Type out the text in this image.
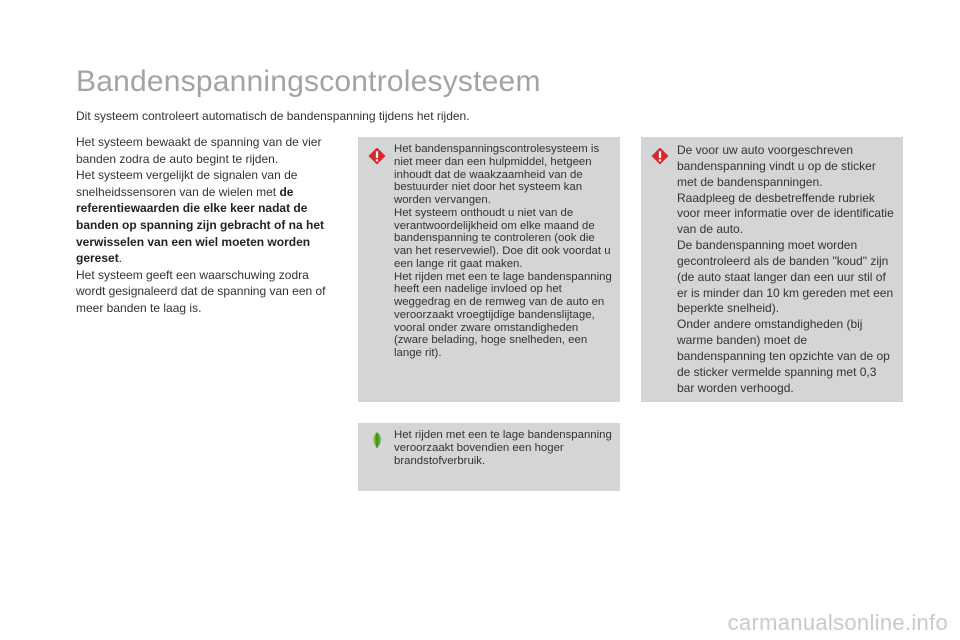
Bandenspanningscontrolesysteem
Dit systeem controleert automatisch de bandenspanning tijdens het rijden.

Het systeem bewaakt de spanning van de vier banden zodra de auto begint te rijden.

Het systeem vergelijkt de signalen van de snelheidssensoren van de wielen met de referentiewaarden die elke keer nadat de banden op spanning zijn gebracht of na het verwisselen van een wiel moeten worden gereset.

Het systeem geeft een waarschuwing zodra wordt gesignaleerd dat de spanning van een of meer banden te laag is.

Het bandenspanningscontrolesysteem is niet meer dan een hulpmiddel, hetgeen inhoudt dat de waakzaamheid van de bestuurder niet door het systeem kan worden vervangen.

Het systeem onthoudt u niet van de verantwoordelijkheid om elke maand de bandenspanning te controleren (ook die van het reservewiel). Doe dit ook voordat u een lange rit gaat maken.

Het rijden met een te lage bandenspanning heeft een nadelige invloed op het weggedrag en de remweg van de auto en veroorzaakt vroegtijdige bandenslijtage, vooral onder zware omstandigheden (zware belading, hoge snelheden, een lange rit).

Het rijden met een te lage bandenspanning veroorzaakt bovendien een hoger brandstofverbruik.

De voor uw auto voorgeschreven bandenspanning vindt u op de sticker met de bandenspanningen.

Raadpleeg de desbetreffende rubriek voor meer informatie over de identificatie van de auto.

De bandenspanning moet worden gecontroleerd als de banden "koud" zijn (de auto staat langer dan een uur stil of er is minder dan 10 km gereden met een beperkte snelheid).

Onder andere omstandigheden (bij warme banden) moet de bandenspanning ten opzichte van de op de sticker vermelde spanning met 0,3 bar worden verhoogd.

carmanualsonline.info
